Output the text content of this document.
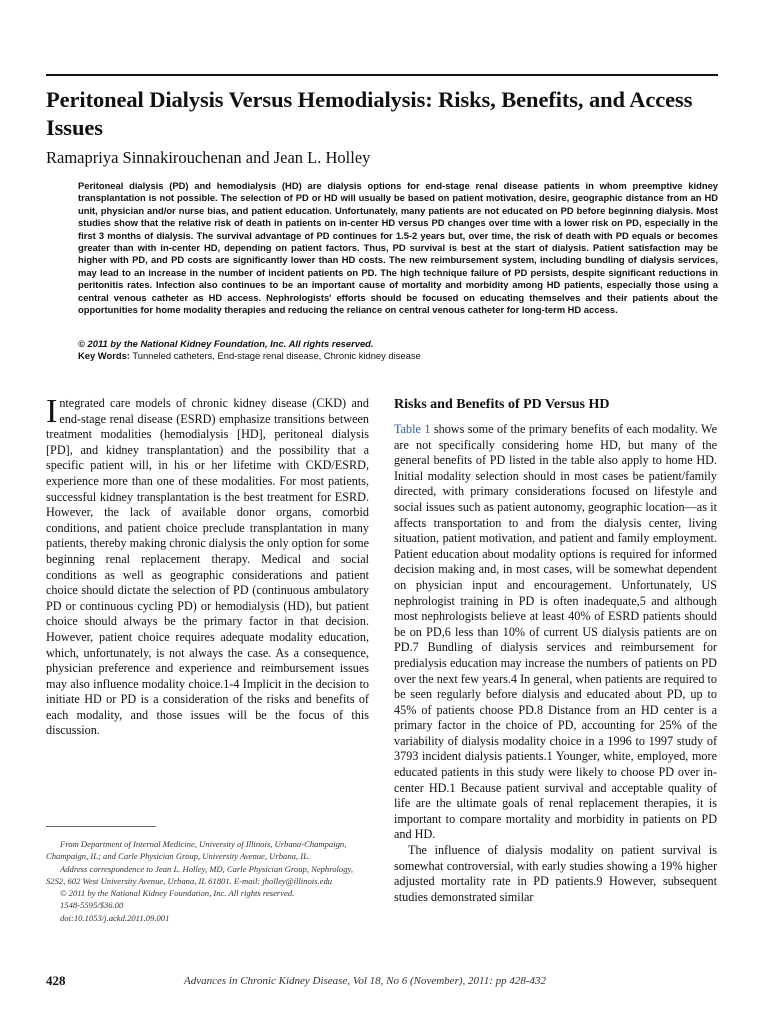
Peritoneal Dialysis Versus Hemodialysis: Risks, Benefits, and Access Issues

Ramapriya Sinnakirouchenan and Jean L. Holley

Peritoneal dialysis (PD) and hemodialysis (HD) are dialysis options for end-stage renal disease patients in whom preemptive kidney transplantation is not possible. The selection of PD or HD will usually be based on patient motivation, desire, geographic distance from an HD unit, physician and/or nurse bias, and patient education. Unfortunately, many patients are not educated on PD before beginning dialysis. Most studies show that the relative risk of death in patients on in-center HD versus PD changes over time with a lower risk on PD, especially in the first 3 months of dialysis. The survival advantage of PD continues for 1.5-2 years but, over time, the risk of death with PD equals or becomes greater than with in-center HD, depending on patient factors. Thus, PD survival is best at the start of dialysis. Patient satisfaction may be higher with PD, and PD costs are significantly lower than HD costs. The new reimbursement system, including bundling of dialysis services, may lead to an increase in the number of incident patients on PD. The high technique failure of PD persists, despite significant reductions in peritonitis rates. Infection also continues to be an important cause of mortality and morbidity among HD patients, especially those using a central venous catheter as HD access. Nephrologists' efforts should be focused on educating themselves and their patients about the opportunities for home modality therapies and reducing the reliance on central venous catheter for long-term HD access.

© 2011 by the National Kidney Foundation, Inc. All rights reserved.

Key Words: Tunneled catheters, End-stage renal disease, Chronic kidney disease

Integrated care models of chronic kidney disease (CKD) and end-stage renal disease (ESRD) emphasize transitions between treatment modalities (hemodialysis [HD], peritoneal dialysis [PD], and kidney transplantation) and the possibility that a specific patient will, in his or her lifetime with CKD/ESRD, experience more than one of these modalities. For most patients, successful kidney transplantation is the best treatment for ESRD. However, the lack of available donor organs, comorbid conditions, and patient choice preclude transplantation in many patients, thereby making chronic dialysis the only option for some beginning renal replacement therapy. Medical and social conditions as well as geographic considerations and patient choice should dictate the selection of PD (continuous ambulatory PD or continuous cycling PD) or hemodialysis (HD), but patient choice should always be the primary factor in that decision. However, patient choice requires adequate modality education, which, unfortunately, is not always the case. As a consequence, physician preference and experience and reimbursement issues may also influence modality choice.1-4 Implicit in the decision to initiate HD or PD is a consideration of the risks and benefits of each modality, and those issues will be the focus of this discussion.

From Department of Internal Medicine, University of Illinois, Urbana-Champaign, Champaign, IL; and Carle Physician Group, University Avenue, Urbana, IL.

Address correspondence to Jean L. Holley, MD, Carle Physician Group, Nephrology, S2S2, 602 West University Avenue, Urbana, IL 61801. E-mail: jholley@illinois.edu

© 2011 by the National Kidney Foundation, Inc. All rights reserved.

1548-5595/$36.00

doi:10.1053/j.ackd.2011.09.001

Risks and Benefits of PD Versus HD

Table 1 shows some of the primary benefits of each modality. We are not specifically considering home HD, but many of the general benefits of PD listed in the table also apply to home HD. Initial modality selection should in most cases be patient/family directed, with primary considerations focused on lifestyle and social issues such as patient autonomy, geographic location—as it affects transportation to and from the dialysis center, living situation, patient motivation, and patient and family employment. Patient education about modality options is required for informed decision making and, in most cases, will be somewhat dependent on physician input and encouragement. Unfortunately, US nephrologist training in PD is often inadequate,5 and although most nephrologists believe at least 40% of ESRD patients should be on PD,6 less than 10% of current US dialysis patients are on PD.7 Bundling of dialysis services and reimbursement for predialysis education may increase the numbers of patients on PD over the next few years.4 In general, when patients are required to be seen regularly before dialysis and educated about PD, up to 45% of patients choose PD.8 Distance from an HD center is a primary factor in the choice of PD, accounting for 25% of the variability of dialysis modality choice in a 1996 to 1997 study of 3793 incident dialysis patients.1 Younger, white, employed, more educated patients in this study were likely to choose PD over in-center HD.1 Because patient survival and acceptable quality of life are the ultimate goals of renal replacement therapies, it is important to compare mortality and morbidity in patients on PD and HD.

The influence of dialysis modality on patient survival is somewhat controversial, with early studies showing a 19% higher adjusted mortality rate in PD patients.9 However, subsequent studies demonstrated similar

428	Advances in Chronic Kidney Disease, Vol 18, No 6 (November), 2011: pp 428-432
